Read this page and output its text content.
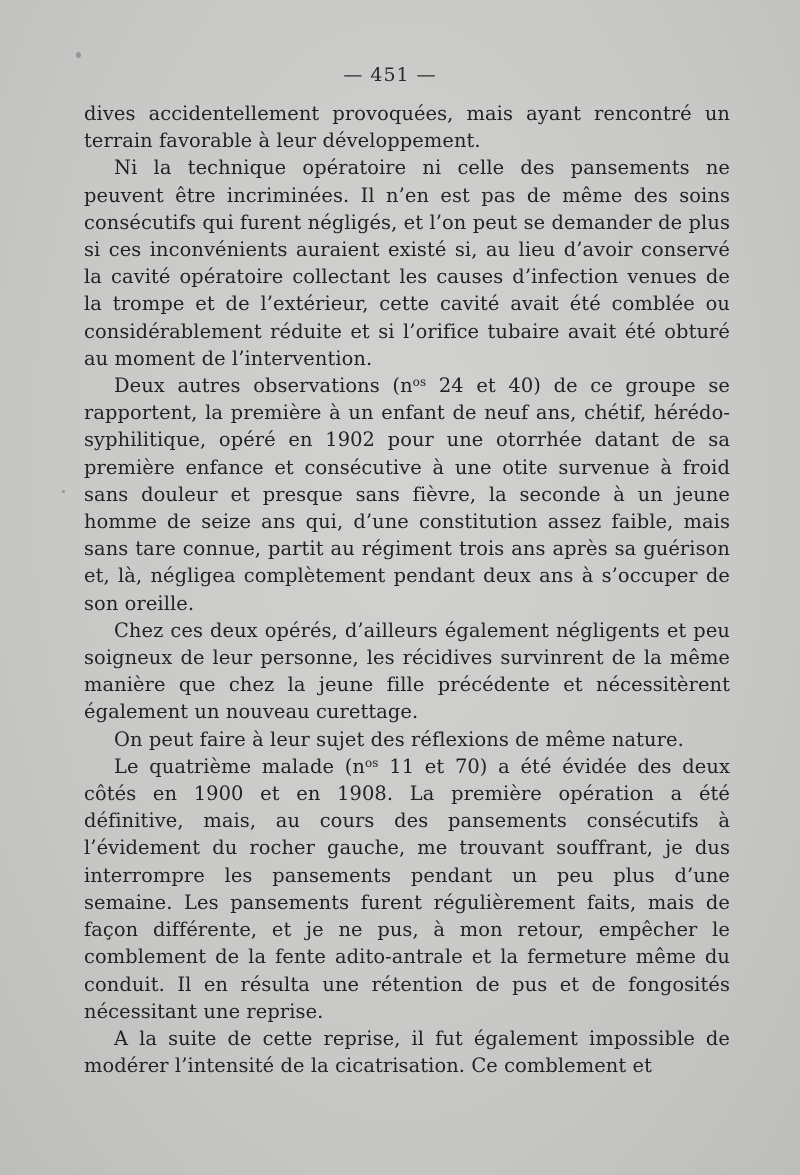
— 451 —

dives accidentellement provoquées, mais ayant rencontré un terrain favorable à leur développement.

Ni la technique opératoire ni celle des pansements ne peuvent être incriminées. Il n’en est pas de même des soins consécutifs qui furent négligés, et l’on peut se demander de plus si ces inconvénients auraient existé si, au lieu d’avoir conservé la cavité opératoire collectant les causes d’infection venues de la trompe et de l’extérieur, cette cavité avait été comblée ou considérablement réduite et si l’orifice tubaire avait été obturé au moment de l’intervention.

Deux autres observations ($n^{os}$ 24 et 40) de ce groupe se rapportent, la première à un enfant de neuf ans, chétif, hérédo-syphilitique, opéré en 1902 pour une otorrhée datant de sa première enfance et consécutive à une otite survenue à froid sans douleur et presque sans fièvre, la seconde à un jeune homme de seize ans qui, d’une constitution assez faible, mais sans tare connue, partit au régiment trois ans après sa guérison et, là, négligea complètement pendant deux ans à s’occuper de son oreille.

Chez ces deux opérés, d’ailleurs également négligents et peu soigneux de leur personne, les récidives survinrent de la même manière que chez la jeune fille précédente et nécessitèrent également un nouveau curettage.

On peut faire à leur sujet des réflexions de même nature.

Le quatrième malade ($n^{os}$ 11 et 70) a été évidée des deux côtés en 1900 et en 1908. La première opération a été définitive, mais, au cours des pansements consécutifs à l’évidement du rocher gauche, me trouvant souffrant, je dus interrompre les pansements pendant un peu plus d’une semaine. Les pansements furent régulièrement faits, mais de façon différente, et je ne pus, à mon retour, empêcher le comblement de la fente adito-antrale et la fermeture même du conduit. Il en résulta une rétention de pus et de fongosités nécessitant une reprise.

A la suite de cette reprise, il fut également impossible de modérer l’intensité de la cicatrisation. Ce comblement et
